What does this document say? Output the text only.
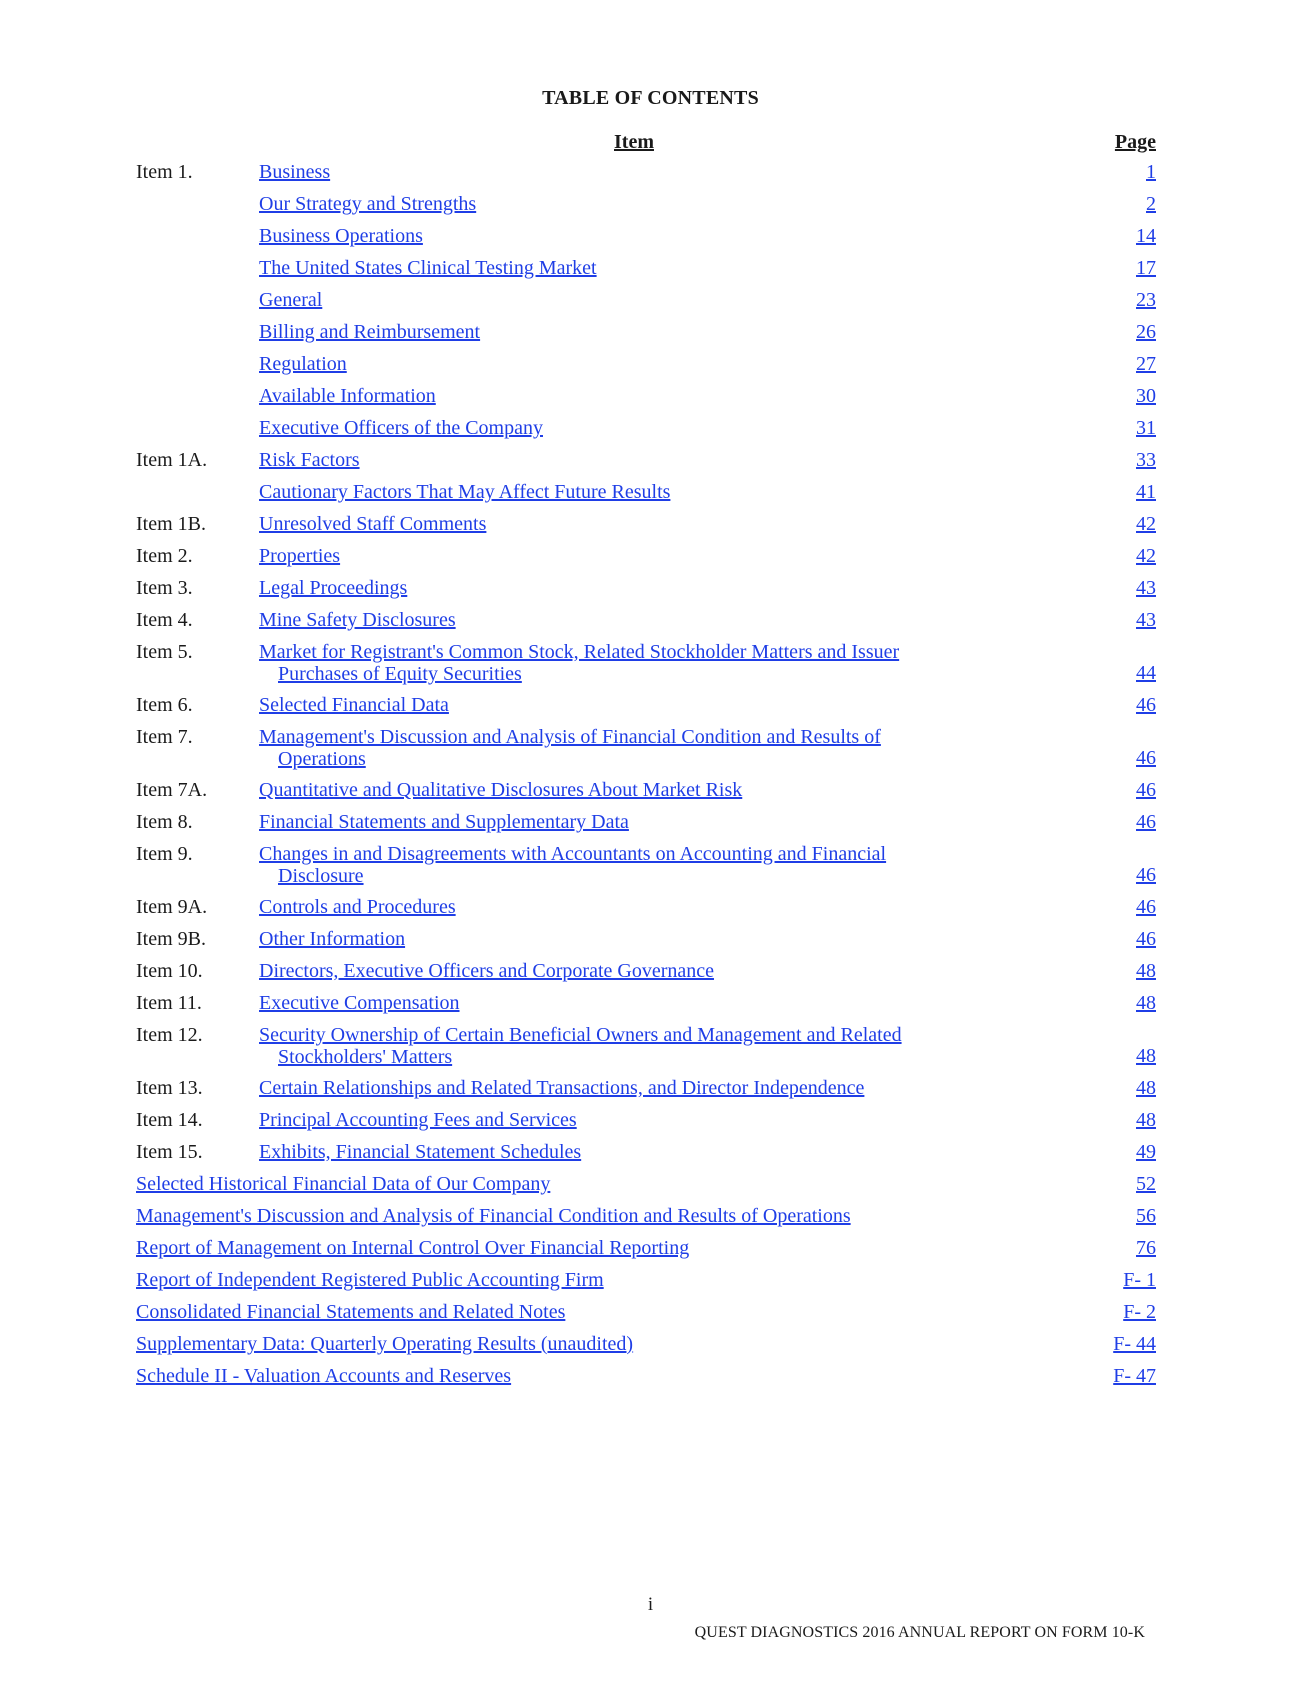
TABLE OF CONTENTS
Item	Page
Item 1.	Business	1
Our Strategy and Strengths	2
Business Operations	14
The United States Clinical Testing Market	17
General	23
Billing and Reimbursement	26
Regulation	27
Available Information	30
Executive Officers of the Company	31
Item 1A.	Risk Factors	33
Cautionary Factors That May Affect Future Results	41
Item 1B.	Unresolved Staff Comments	42
Item 2.	Properties	42
Item 3.	Legal Proceedings	43
Item 4.	Mine Safety Disclosures	43
Item 5.	Market for Registrant's Common Stock, Related Stockholder Matters and Issuer
Purchases of Equity Securities	44
Item 6.	Selected Financial Data	46
Item 7.	Management's Discussion and Analysis of Financial Condition and Results of
Operations	46
Item 7A.	Quantitative and Qualitative Disclosures About Market Risk	46
Item 8.	Financial Statements and Supplementary Data	46
Item 9.	Changes in and Disagreements with Accountants on Accounting and Financial
Disclosure	46
Item 9A.	Controls and Procedures	46
Item 9B.	Other Information	46
Item 10.	Directors, Executive Officers and Corporate Governance	48
Item 11.	Executive Compensation	48
Item 12.	Security Ownership of Certain Beneficial Owners and Management and Related
Stockholders' Matters	48
Item 13.	Certain Relationships and Related Transactions, and Director Independence	48
Item 14.	Principal Accounting Fees and Services	48
Item 15.	Exhibits, Financial Statement Schedules	49
Selected Historical Financial Data of Our Company	52
Management's Discussion and Analysis of Financial Condition and Results of Operations	56
Report of Management on Internal Control Over Financial Reporting	76
Report of Independent Registered Public Accounting Firm	F- 1
Consolidated Financial Statements and Related Notes	F- 2
Supplementary Data: Quarterly Operating Results (unaudited)	F- 44
Schedule II - Valuation Accounts and Reserves	F- 47
i
QUEST DIAGNOSTICS 2016 ANNUAL REPORT ON FORM 10-K
